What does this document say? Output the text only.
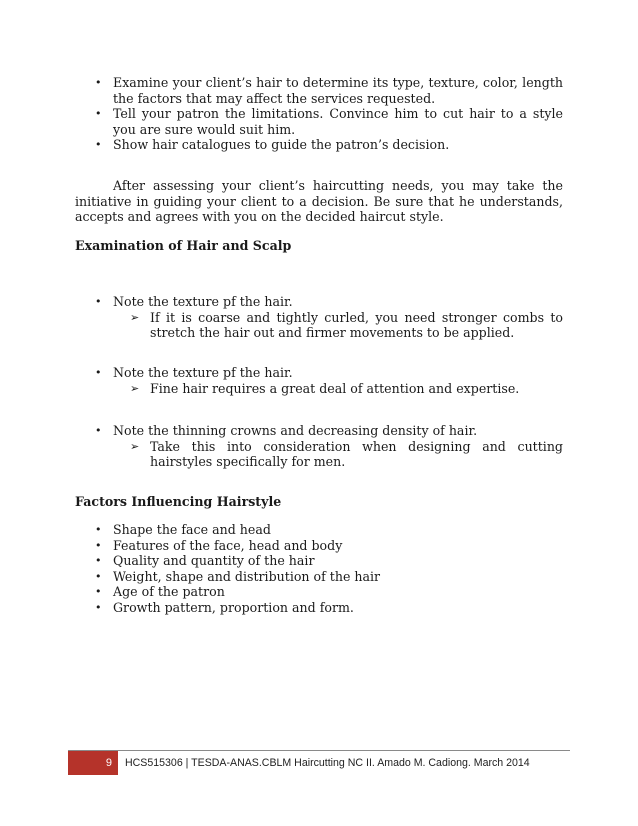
• Examine your client’s hair to determine its type, texture, color, length the factors that may affect the services requested.
• Tell your patron the limitations. Convince him to cut hair to a style you are sure would suit him.
• Show hair catalogues to guide the patron’s decision.
After assessing your client’s haircutting needs, you may take the initiative in guiding your client to a decision. Be sure that he understands, accepts and agrees with you on the decided haircut style.
Examination of Hair and Scalp
• Note the texture pf the hair.
➢ If it is coarse and tightly curled, you need stronger combs to stretch the hair out and firmer movements to be applied.
• Note the texture pf the hair.
➢ Fine hair requires a great deal of attention and expertise.
• Note the thinning crowns and decreasing density of hair.
➢ Take this into consideration when designing and cutting hairstyles specifically for men.
Factors Influencing Hairstyle
• Shape the face and head
• Features of the face, head and body
• Quality and quantity of the hair
• Weight, shape and distribution of the hair
• Age of the patron
• Growth pattern, proportion and form.
9 HCS515306 | TESDA-ANAS.CBLM Haircutting NC II. Amado M. Cadiong. March 2014
